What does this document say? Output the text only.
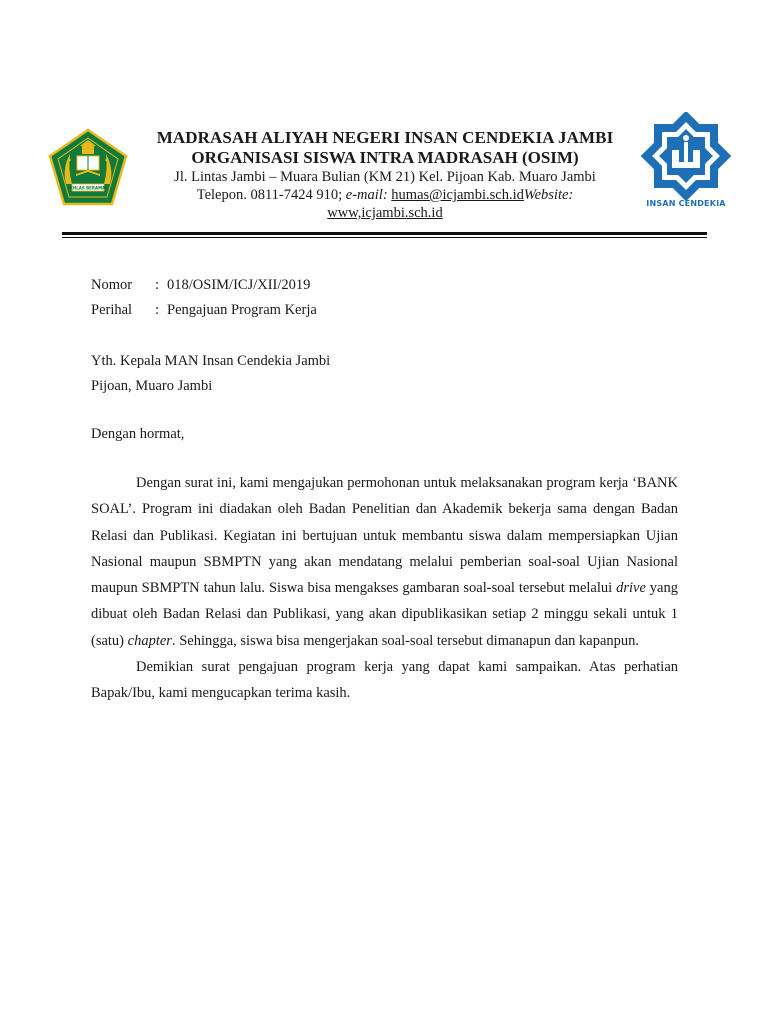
IKHLAS BERAMAL
INSAN CENDEKIA
MADRASAH ALIYAH NEGERI INSAN CENDEKIA JAMBI
ORGANISASI SISWA INTRA MADRASAH (OSIM)
Jl. Lintas Jambi – Muara Bulian (KM 21) Kel. Pijoan Kab. Muaro Jambi
Telepon. 0811-7424 910; e-mail: humas@icjambi.sch.idWebsite:
www,icjambi.sch.id
Nomor	: 018/OSIM/ICJ/XII/2019
Perihal	: Pengajuan Program Kerja
Yth. Kepala MAN Insan Cendekia Jambi
Pijoan, Muaro Jambi
Dengan hormat,
Dengan surat ini, kami mengajukan permohonan untuk melaksanakan program kerja ‘BANK SOAL’. Program ini diadakan oleh Badan Penelitian dan Akademik bekerja sama dengan Badan Relasi dan Publikasi. Kegiatan ini bertujuan untuk membantu siswa dalam mempersiapkan Ujian Nasional maupun SBMPTN yang akan mendatang melalui pemberian soal-soal Ujian Nasional maupun SBMPTN tahun lalu. Siswa bisa mengakses gambaran soal-soal tersebut melalui drive yang dibuat oleh Badan Relasi dan Publikasi, yang akan dipublikasikan setiap 2 minggu sekali untuk 1 (satu) chapter. Sehingga, siswa bisa mengerjakan soal-soal tersebut dimanapun dan kapanpun.
Demikian surat pengajuan program kerja yang dapat kami sampaikan. Atas perhatian Bapak/Ibu, kami mengucapkan terima kasih.
